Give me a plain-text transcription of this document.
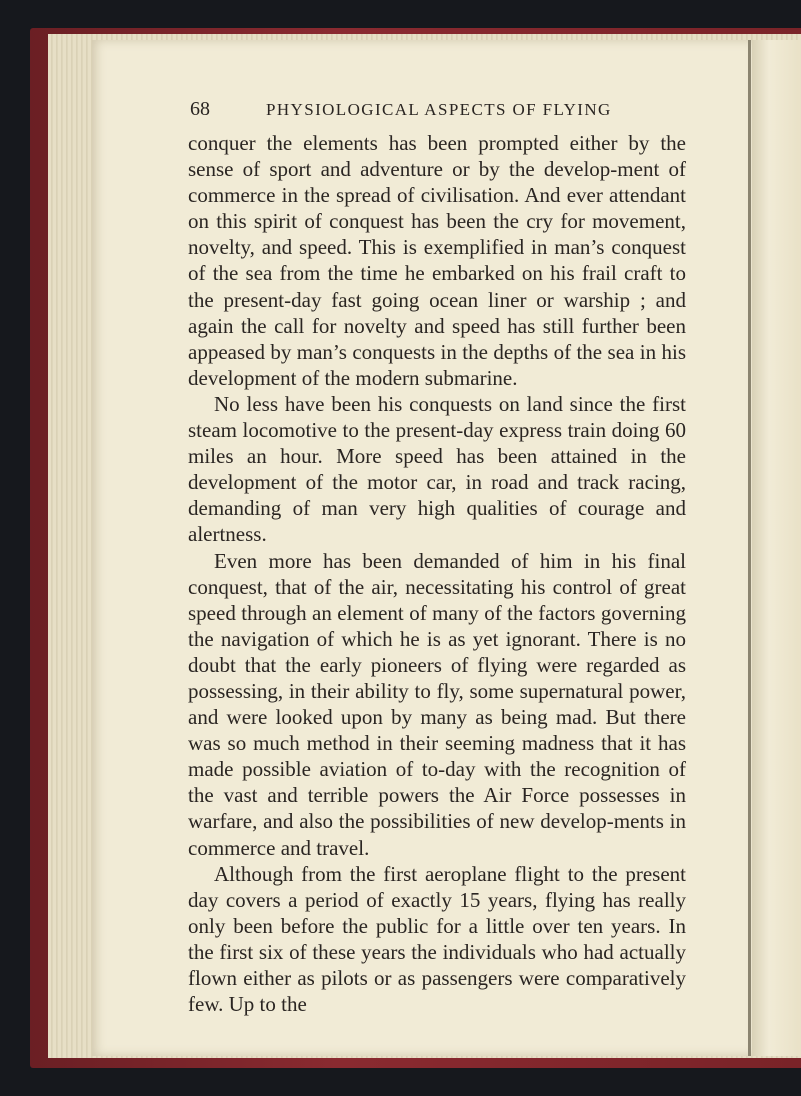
68	PHYSIOLOGICAL ASPECTS OF FLYING

conquer the elements has been prompted either by the sense of sport and adventure or by the develop-ment of commerce in the spread of civilisation. And ever attendant on this spirit of conquest has been the cry for movement, novelty, and speed. This is exemplified in man’s conquest of the sea from the time he embarked on his frail craft to the present-day fast going ocean liner or warship ; and again the call for novelty and speed has still further been appeased by man’s conquests in the depths of the sea in his development of the modern submarine.

No less have been his conquests on land since the first steam locomotive to the present-day express train doing 60 miles an hour. More speed has been attained in the development of the motor car, in road and track racing, demanding of man very high qualities of courage and alertness.

Even more has been demanded of him in his final conquest, that of the air, necessitating his control of great speed through an element of many of the factors governing the navigation of which he is as yet ignorant. There is no doubt that the early pioneers of flying were regarded as possessing, in their ability to fly, some supernatural power, and were looked upon by many as being mad. But there was so much method in their seeming madness that it has made possible aviation of to-day with the recognition of the vast and terrible powers the Air Force possesses in warfare, and also the possibilities of new develop-ments in commerce and travel.

Although from the first aeroplane flight to the present day covers a period of exactly 15 years, flying has really only been before the public for a little over ten years. In the first six of these years the individuals who had actually flown either as pilots or as passengers were comparatively few. Up to the
